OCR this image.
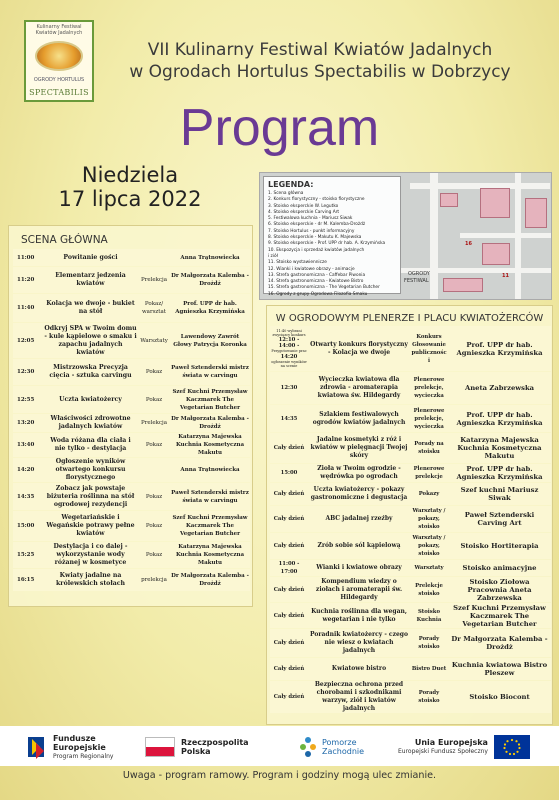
Kulinarny Festiwal Kwiatów Jadalnych
OGRODY HORTULUS
SPECTABILIS
VII Kulinarny Festiwal Kwiatów Jadalnych
w Ogrodach Hortulus Spectabilis w Dobrzycy
Program
Niedziela
17 lipca 2022
OGRODY
FESTIWAL
11
16
LEGENDA:
1. Scena główna
2. Konkurs florystyczny - stoisko florystyczne
3. Stoisko eksperckie W. Legutko
4. Stoisko eksperckie Carving Art
5. Festiwalowa kuchnia - Mariusz Siwak
6. Stoisko eksperckie - dr M. Kalemba-Drożdż
7. Stoisko Hortulus - punkt informacyjny
8. Stoisko eksperckie - Makutu K. Majewska
9. Stoisko eksperckie - Prof. UPP dr hab. A. Krzymińska
10. Ekspozycja i sprzedaż kwiatów jadalnych
i ziół
11. Stoisko wystawiennicze
12. Wianki i kwiatowe obrazy - animacje
13. Strefa gastronomiczna - Caffebar Piwonia
14. Strefa gastronomiczna - Kwiatowe Bistro
15. Strefa gastronomiczna - The Vegetarian Butcher
16. Ogrody z grupy Ogrodowa Filozofia Smaku
SCENA GŁÓWNA
11:00	Powitanie gości		Anna Trątnowiecka
11:20	Elementarz jedzenia kwiatów	Prelekcja	Dr Małgorzata Kalemba - Drożdż
11:40	Kolacja we dwoje - bukiet na stół	Pokaz/ warsztat	Prof. UPP dr hab. Agnieszka Krzymińska
12:05	Odkryj SPA w Twoim domu - kule kąpielowe o smaku i zapachu jadalnych kwiatów	Warsztaty	Lawendowy Zawrót Głowy Patrycja Koronka
12:30	Mistrzowska Precyzja cięcia - sztuka carvingu	Pokaz	Paweł Sztenderski mistrz świata w carvingu
12:55	Uczta kwiatożercy	Pokaz	Szef Kuchni Przemysław Kaczmarek The Vegetarian Butcher
13:20	Właściwości zdrowotne jadalnych kwiatów	Prelekcja	Dr Małgorzata Kalemba - Drożdż
13:40	Woda różana dla ciała i nie tylko - destylacja	Pokaz	Katarzyna Majewska Kuchnia Kosmetyczna Makutu
14:20	Ogłoszenie wyników otwartego konkursu florystycznego		Anna Trątnowiecka
14:35	Zobacz jak powstaje biżuteria roślinna na stół ogrodowej rezydencji	Pokaz	Paweł Sztenderski mistrz świata w carvingu
15:00	Wegetariańskie i Wegańskie potrawy pełne kwiatów	Pokaz	Szef Kuchni Przemysław Kaczmarek The Vegetarian Butcher
15:25	Destylacja i co dalej - wykorzystanie wody różanej w kosmetyce	Pokaz	Katarzyna Majewska Kuchnia Kosmetyczna Makutu
16:15	Kwiaty jadalne na królewskich stołach	prelekcja	Dr Małgorzata Kalemba - Drożdż
W OGRODOWYM PLENERZE I PLACU KWIATOŻERCÓW
11:40 wybrani zwycięzcy konkurs
12:10 - 14:00 -
Przygotowanie prac
14:20
ogłoszenie wyników na scenie	Otwarty konkurs florystyczny - Kolacja we dwoje	Konkurs Głosowanie publiczności	Prof. UPP dr hab. Agnieszka Krzymińska
12:30	Wycieczka kwiatowa dla zdrowia - aromaterapia kwiatowa św. Hildegardy	Plenerowe prelekcje, wycieczka	Aneta Zabrzewska
14:35	Szlakiem festiwalowych ogrodów kwiatów jadalnych	Plenerowe prelekcje, wycieczka	Prof. UPP dr hab. Agnieszka Krzymińska
Cały dzień	Jadalne kosmetyki z róż i kwiatów w pielęgnacji Twojej skóry	Porady na stoisku	Katarzyna Majewska Kuchnia Kosmetyczna Makutu
15:00	Zioła w Twoim ogrodzie - wędrówka po ogrodach	Plenerowe prelekcje	Prof. UPP dr hab. Agnieszka Krzymińska
Cały dzień	Uczta kwiatożercy - pokazy gastronomiczne i degustacja	Pokazy	Szef kuchni Mariusz Siwak
Cały dzień	ABC jadalnej rzeźby	Warsztaty / pokazy, stoisko	Paweł Sztenderski Carving Art
Cały dzień	Zrób sobie sól kąpielową	Warsztaty / pokazy, stoisko	Stoisko Hortiterapia
11:00 - 17:00	Wianki i kwiatowe obrazy	Warsztaty	Stoisko animacyjne
Cały dzień	Kompendium wiedzy o ziołach i aromaterapii św. Hildegardy	Prelekcje stoisko	Stoisko Ziołowa Pracownia Aneta Zabrzewska
Cały dzień	Kuchnia roślinna dla wegan, wegetarian i nie tylko	Stoisko Kuchnia	Szef Kuchni Przemysław Kaczmarek The Vegetarian Butcher
Cały dzień	Poradnik kwiatożercy - czego nie wiesz o kwiatach jadalnych	Porady stoisko	Dr Małgorzata Kalemba - Drożdż
Cały dzień	Kwiatowe bistro	Bistro Duet	Kuchnia kwiatowa Bistro Pleszew
Cały dzień	Bezpieczna ochrona przed chorobami i szkodnikami warzyw, ziół i kwiatów jadalnych	Porady stoisko	Stoisko Biocont
Fundusze Europejskie
Program Regionalny
Rzeczpospolita Polska
Pomorze Zachodnie
Unia Europejska
Europejski Fundusz Społeczny
Uwaga - program ramowy. Program i godziny mogą ulec zmianie.
